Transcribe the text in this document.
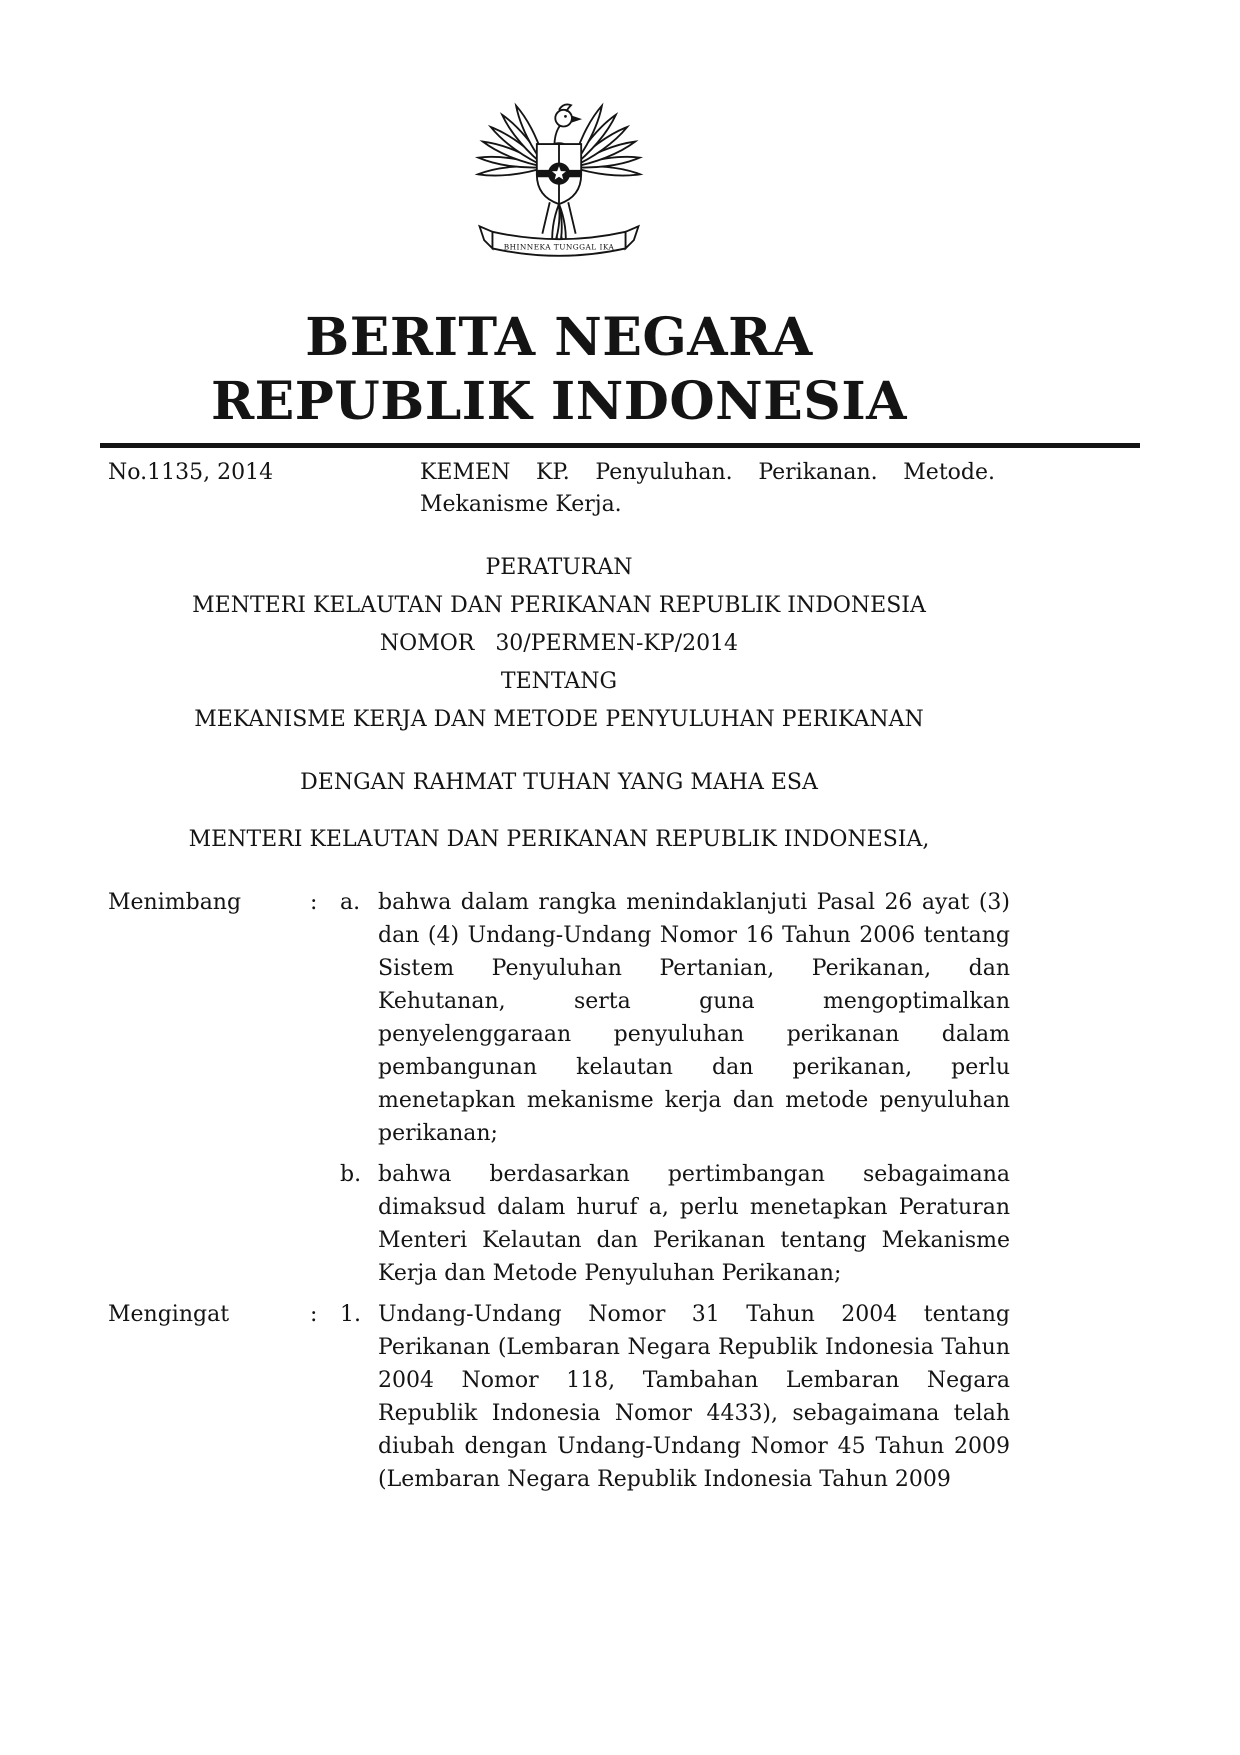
BHINNEKA TUNGGAL IKA
BERITA NEGARA
REPUBLIK INDONESIA
No.1135, 2014	KEMEN KP. Penyuluhan. Perikanan. Metode. Mekanisme Kerja.
PERATURAN
MENTERI KELAUTAN DAN PERIKANAN REPUBLIK INDONESIA
NOMOR   30/PERMEN-KP/2014
TENTANG
MEKANISME KERJA DAN METODE PENYULUHAN PERIKANAN
DENGAN RAHMAT TUHAN YANG MAHA ESA
MENTERI KELAUTAN DAN PERIKANAN REPUBLIK INDONESIA,
Menimbang	:	a. bahwa dalam rangka menindaklanjuti Pasal 26 ayat (3) dan (4) Undang-Undang Nomor 16 Tahun 2006 tentang Sistem Penyuluhan Pertanian, Perikanan, dan Kehutanan, serta guna mengoptimalkan penyelenggaraan penyuluhan perikanan dalam pembangunan kelautan dan perikanan, perlu menetapkan mekanisme kerja dan metode penyuluhan perikanan;
b. bahwa berdasarkan pertimbangan sebagaimana dimaksud dalam huruf a, perlu menetapkan Peraturan Menteri Kelautan dan Perikanan tentang Mekanisme Kerja dan Metode Penyuluhan Perikanan;
Mengingat	:	1. Undang-Undang Nomor 31 Tahun 2004 tentang Perikanan (Lembaran Negara Republik Indonesia Tahun 2004 Nomor 118, Tambahan Lembaran Negara Republik Indonesia Nomor 4433), sebagaimana telah diubah dengan Undang-Undang Nomor 45 Tahun 2009 (Lembaran Negara Republik Indonesia Tahun 2009
